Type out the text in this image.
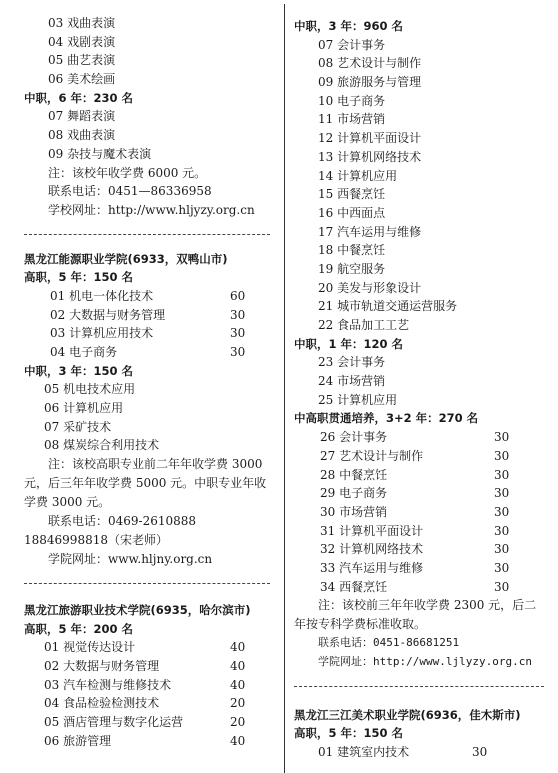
03 戏曲表演
04 戏剧表演
05 曲艺表演
06 美术绘画
中职，6 年：230 名
07 舞蹈表演
08 戏曲表演
09 杂技与魔术表演
注：该校年收学费 6000 元。
联系电话：0451—86336958
学校网址：http://www.hljyzy.org.cn
黑龙江能源职业学院(6933，双鸭山市)
高职，5 年：150 名
01 机电一体化技术	60
02 大数据与财务管理	30
03 计算机应用技术	30
04 电子商务	30
中职，3 年：150 名
05 机电技术应用
06 计算机应用
07 采矿技术
08 煤炭综合利用技术
注：该校高职专业前二年年收学费 3000 元，后三年年收学费 5000 元。中职专业年收学费 3000 元。
联系电话：0469-2610888　18846998818（宋老师）
学院网址：www.hljny.org.cn
黑龙江旅游职业技术学院(6935，哈尔滨市)
高职，5 年：200 名
01 视觉传达设计	40
02 大数据与财务管理	40
03 汽车检测与维修技术	40
04 食品检验检测技术	20
05 酒店管理与数字化运营	20
06 旅游管理	40
中职，3 年：960 名
07 会计事务
08 艺术设计与制作
09 旅游服务与管理
10 电子商务
11 市场营销
12 计算机平面设计
13 计算机网络技术
14 计算机应用
15 西餐烹饪
16 中西面点
17 汽车运用与维修
18 中餐烹饪
19 航空服务
20 美发与形象设计
21 城市轨道交通运营服务
22 食品加工工艺
中职，1 年：120 名
23 会计事务
24 市场营销
25 计算机应用
中高职贯通培养，3+2 年：270 名
26 会计事务	30
27 艺术设计与制作	30
28 中餐烹饪	30
29 电子商务	30
30 市场营销	30
31 计算机平面设计	30
32 计算机网络技术	30
33 汽车运用与维修	30
34 西餐烹饪	30
注：该校前三年年收学费 2300 元，后二年按专科学费标准收取。
联系电话：0451-86681251
学院网址：http://www.ljlyzy.org.cn
黑龙江三江美术职业学院(6936，佳木斯市)
高职，5 年：150 名
01 建筑室内技术	30
